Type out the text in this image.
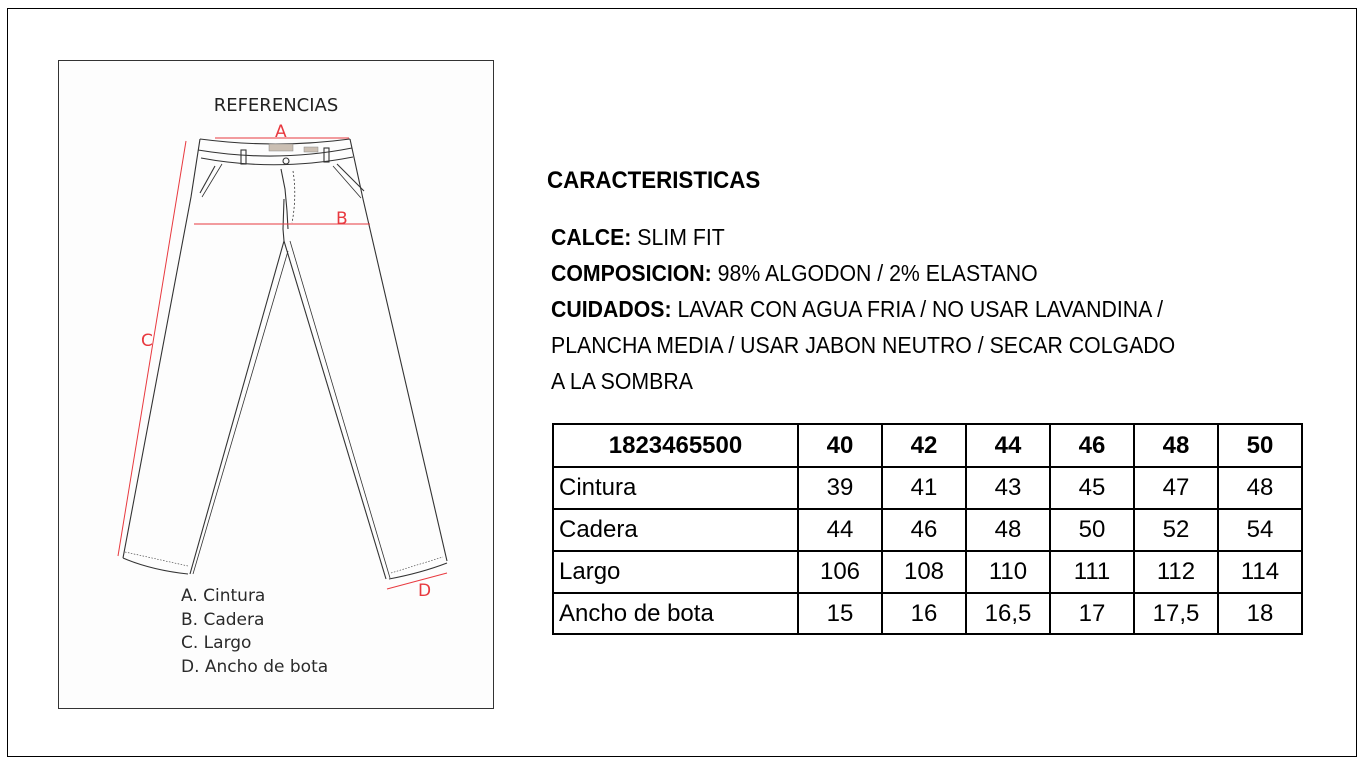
REFERENCIAS
A
B
C
D
A. Cintura
B. Cadera
C. Largo
D. Ancho de bota
CARACTERISTICAS
CALCE: SLIM FIT
COMPOSICION: 98% ALGODON / 2% ELASTANO
CUIDADOS: LAVAR CON AGUA FRIA / NO USAR LAVANDINA /
PLANCHA MEDIA / USAR JABON NEUTRO / SECAR COLGADO
A LA SOMBRA
1823465500	40	42	44	46	48	50
Cintura	39	41	43	45	47	48
Cadera	44	46	48	50	52	54
Largo	106	108	110	111	112	114
Ancho de bota	15	16	16,5	17	17,5	18
